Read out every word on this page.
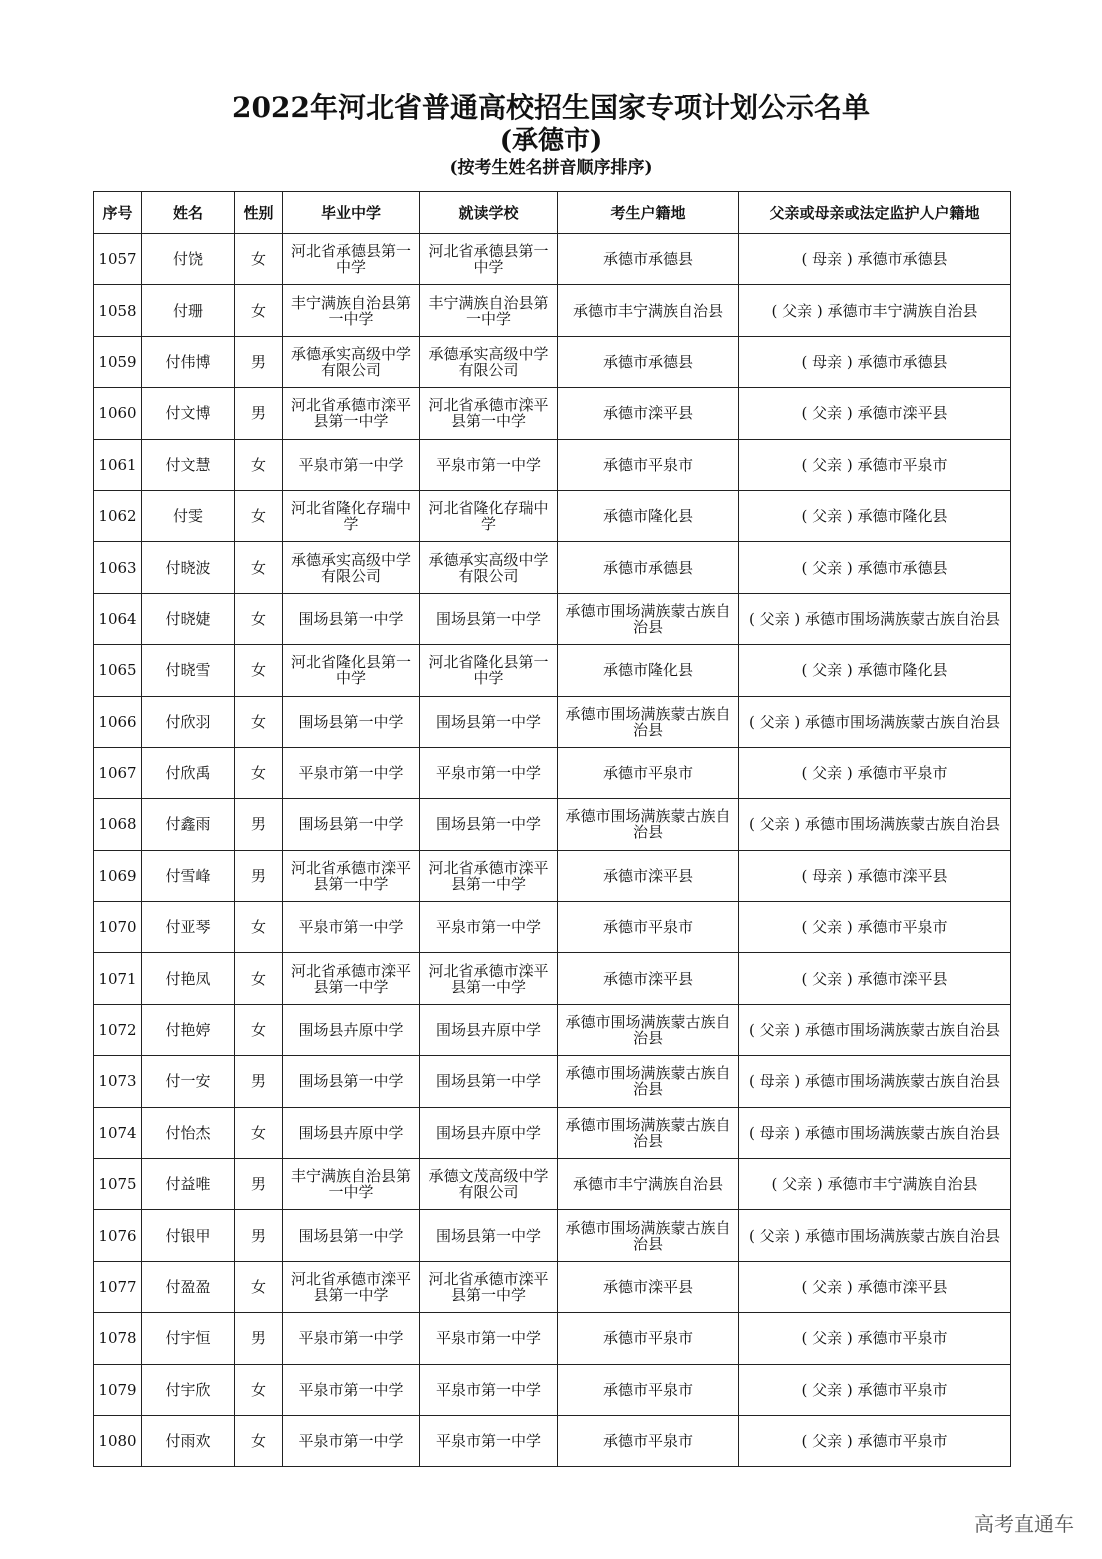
2022年河北省普通高校招生国家专项计划公示名单
(承德市)
(按考生姓名拼音顺序排序)
序号	姓名	性别	毕业中学	就读学校	考生户籍地	父亲或母亲或法定监护人户籍地
1057	付饶	女	河北省承德县第一中学	河北省承德县第一中学	承德市承德县	( 母亲 ) 承德市承德县
1058	付珊	女	丰宁满族自治县第一中学	丰宁满族自治县第一中学	承德市丰宁满族自治县	( 父亲 ) 承德市丰宁满族自治县
1059	付伟博	男	承德承实高级中学有限公司	承德承实高级中学有限公司	承德市承德县	( 母亲 ) 承德市承德县
1060	付文博	男	河北省承德市滦平县第一中学	河北省承德市滦平县第一中学	承德市滦平县	( 父亲 ) 承德市滦平县
1061	付文慧	女	平泉市第一中学	平泉市第一中学	承德市平泉市	( 父亲 ) 承德市平泉市
1062	付雯	女	河北省隆化存瑞中学	河北省隆化存瑞中学	承德市隆化县	( 父亲 ) 承德市隆化县
1063	付晓波	女	承德承实高级中学有限公司	承德承实高级中学有限公司	承德市承德县	( 父亲 ) 承德市承德县
1064	付晓婕	女	围场县第一中学	围场县第一中学	承德市围场满族蒙古族自治县	( 父亲 ) 承德市围场满族蒙古族自治县
1065	付晓雪	女	河北省隆化县第一中学	河北省隆化县第一中学	承德市隆化县	( 父亲 ) 承德市隆化县
1066	付欣羽	女	围场县第一中学	围场县第一中学	承德市围场满族蒙古族自治县	( 父亲 ) 承德市围场满族蒙古族自治县
1067	付欣禹	女	平泉市第一中学	平泉市第一中学	承德市平泉市	( 父亲 ) 承德市平泉市
1068	付鑫雨	男	围场县第一中学	围场县第一中学	承德市围场满族蒙古族自治县	( 父亲 ) 承德市围场满族蒙古族自治县
1069	付雪峰	男	河北省承德市滦平县第一中学	河北省承德市滦平县第一中学	承德市滦平县	( 母亲 ) 承德市滦平县
1070	付亚琴	女	平泉市第一中学	平泉市第一中学	承德市平泉市	( 父亲 ) 承德市平泉市
1071	付艳凤	女	河北省承德市滦平县第一中学	河北省承德市滦平县第一中学	承德市滦平县	( 父亲 ) 承德市滦平县
1072	付艳婷	女	围场县卉原中学	围场县卉原中学	承德市围场满族蒙古族自治县	( 父亲 ) 承德市围场满族蒙古族自治县
1073	付一安	男	围场县第一中学	围场县第一中学	承德市围场满族蒙古族自治县	( 母亲 ) 承德市围场满族蒙古族自治县
1074	付怡杰	女	围场县卉原中学	围场县卉原中学	承德市围场满族蒙古族自治县	( 母亲 ) 承德市围场满族蒙古族自治县
1075	付益唯	男	丰宁满族自治县第一中学	承德文茂高级中学有限公司	承德市丰宁满族自治县	( 父亲 ) 承德市丰宁满族自治县
1076	付银甲	男	围场县第一中学	围场县第一中学	承德市围场满族蒙古族自治县	( 父亲 ) 承德市围场满族蒙古族自治县
1077	付盈盈	女	河北省承德市滦平县第一中学	河北省承德市滦平县第一中学	承德市滦平县	( 父亲 ) 承德市滦平县
1078	付宇恒	男	平泉市第一中学	平泉市第一中学	承德市平泉市	( 父亲 ) 承德市平泉市
1079	付宇欣	女	平泉市第一中学	平泉市第一中学	承德市平泉市	( 父亲 ) 承德市平泉市
1080	付雨欢	女	平泉市第一中学	平泉市第一中学	承德市平泉市	( 父亲 ) 承德市平泉市
高考直通车
